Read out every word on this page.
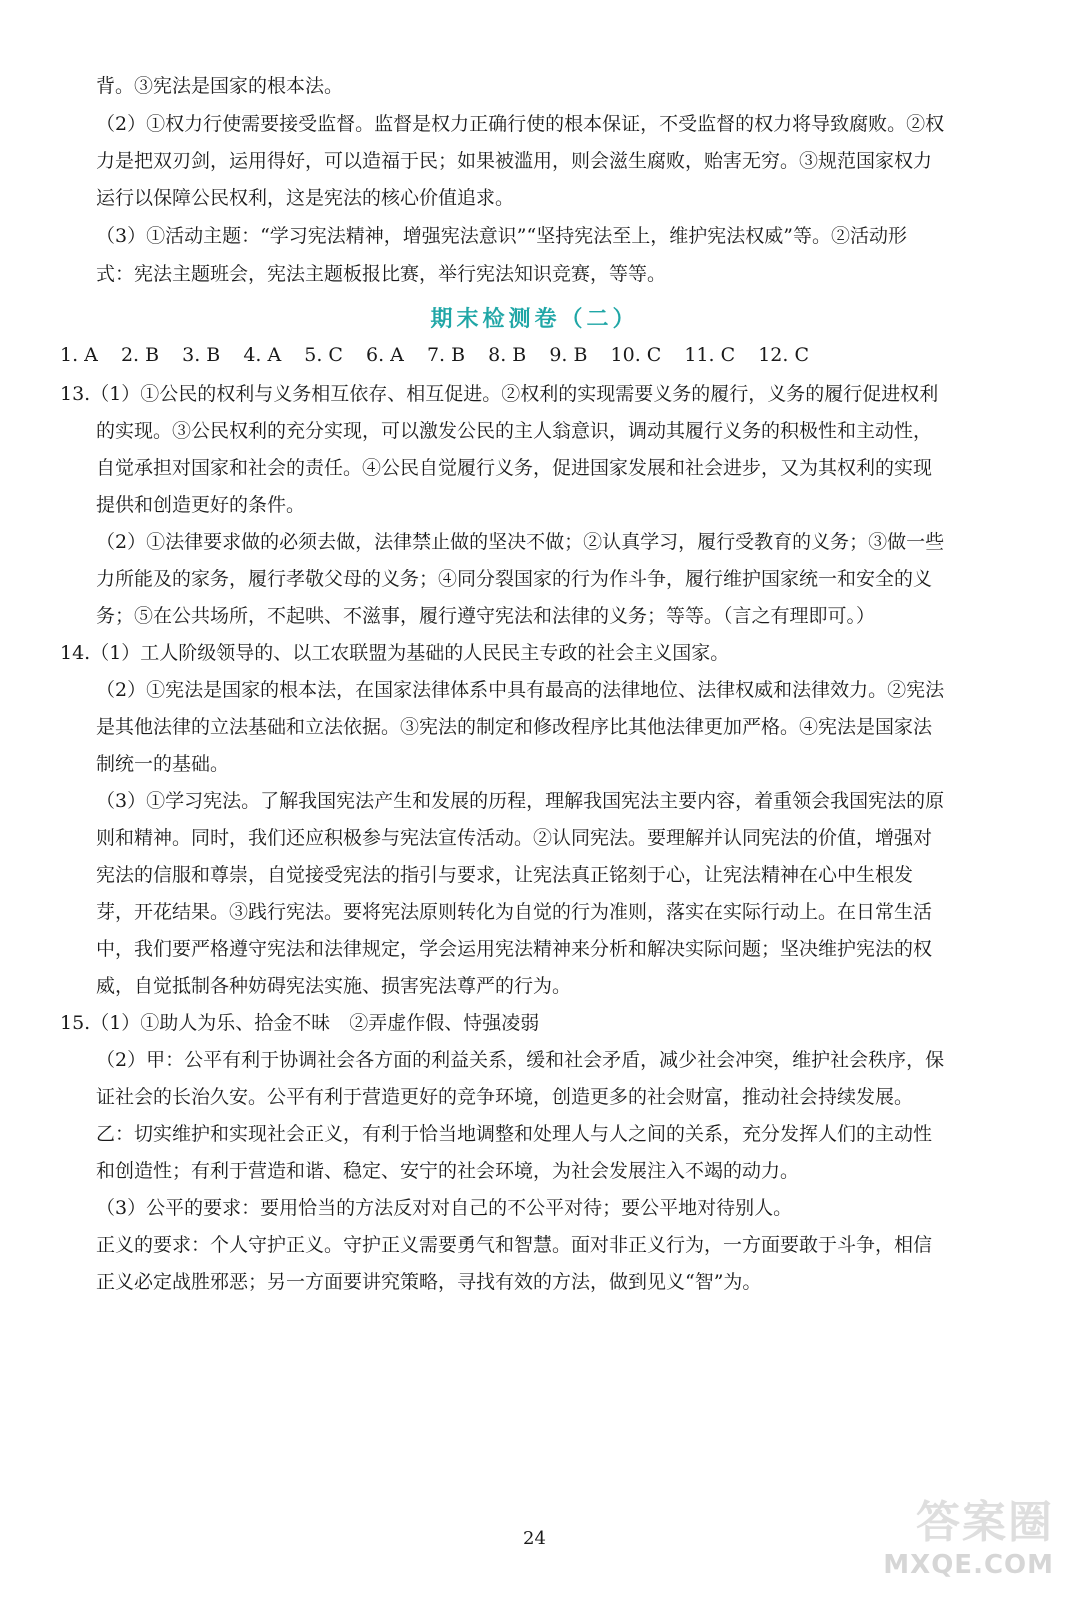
背。③宪法是国家的根本法。
（2）①权力行使需要接受监督。监督是权力正确行使的根本保证，不受监督的权力将导致腐败。②权
力是把双刃剑，运用得好，可以造福于民；如果被滥用，则会滋生腐败，贻害无穷。③规范国家权力
运行以保障公民权利，这是宪法的核心价值追求。
（3）①活动主题：“学习宪法精神，增强宪法意识”“坚持宪法至上，维护宪法权威”等。②活动形
式：宪法主题班会，宪法主题板报比赛，举行宪法知识竞赛，等等。
期末检测卷（二）
1. A 2. B 3. B 4. A 5. C 6. A 7. B 8. B 9. B 10. C 11. C 12. C
13.（1）①公民的权利与义务相互依存、相互促进。②权利的实现需要义务的履行，义务的履行促进权利
的实现。③公民权利的充分实现，可以激发公民的主人翁意识，调动其履行义务的积极性和主动性，
自觉承担对国家和社会的责任。④公民自觉履行义务，促进国家发展和社会进步，又为其权利的实现
提供和创造更好的条件。
（2）①法律要求做的必须去做，法律禁止做的坚决不做；②认真学习，履行受教育的义务；③做一些
力所能及的家务，履行孝敬父母的义务；④同分裂国家的行为作斗争，履行维护国家统一和安全的义
务；⑤在公共场所，不起哄、不滋事，履行遵守宪法和法律的义务；等等。（言之有理即可。）
14.（1）工人阶级领导的、以工农联盟为基础的人民民主专政的社会主义国家。
（2）①宪法是国家的根本法，在国家法律体系中具有最高的法律地位、法律权威和法律效力。②宪法
是其他法律的立法基础和立法依据。③宪法的制定和修改程序比其他法律更加严格。④宪法是国家法
制统一的基础。
（3）①学习宪法。了解我国宪法产生和发展的历程，理解我国宪法主要内容，着重领会我国宪法的原
则和精神。同时，我们还应积极参与宪法宣传活动。②认同宪法。要理解并认同宪法的价值，增强对
宪法的信服和尊崇，自觉接受宪法的指引与要求，让宪法真正铭刻于心，让宪法精神在心中生根发
芽，开花结果。③践行宪法。要将宪法原则转化为自觉的行为准则，落实在实际行动上。在日常生活
中，我们要严格遵守宪法和法律规定，学会运用宪法精神来分析和解决实际问题；坚决维护宪法的权
威，自觉抵制各种妨碍宪法实施、损害宪法尊严的行为。
15.（1）①助人为乐、拾金不昧　②弄虚作假、恃强凌弱
（2）甲：公平有利于协调社会各方面的利益关系，缓和社会矛盾，减少社会冲突，维护社会秩序，保
证社会的长治久安。公平有利于营造更好的竞争环境，创造更多的社会财富，推动社会持续发展。
乙：切实维护和实现社会正义，有利于恰当地调整和处理人与人之间的关系，充分发挥人们的主动性
和创造性；有利于营造和谐、稳定、安宁的社会环境，为社会发展注入不竭的动力。
（3）公平的要求：要用恰当的方法反对对自己的不公平对待；要公平地对待别人。
正义的要求：个人守护正义。守护正义需要勇气和智慧。面对非正义行为，一方面要敢于斗争，相信
正义必定战胜邪恶；另一方面要讲究策略，寻找有效的方法，做到见义“智”为。
24	答案圈
MXQE.COM
